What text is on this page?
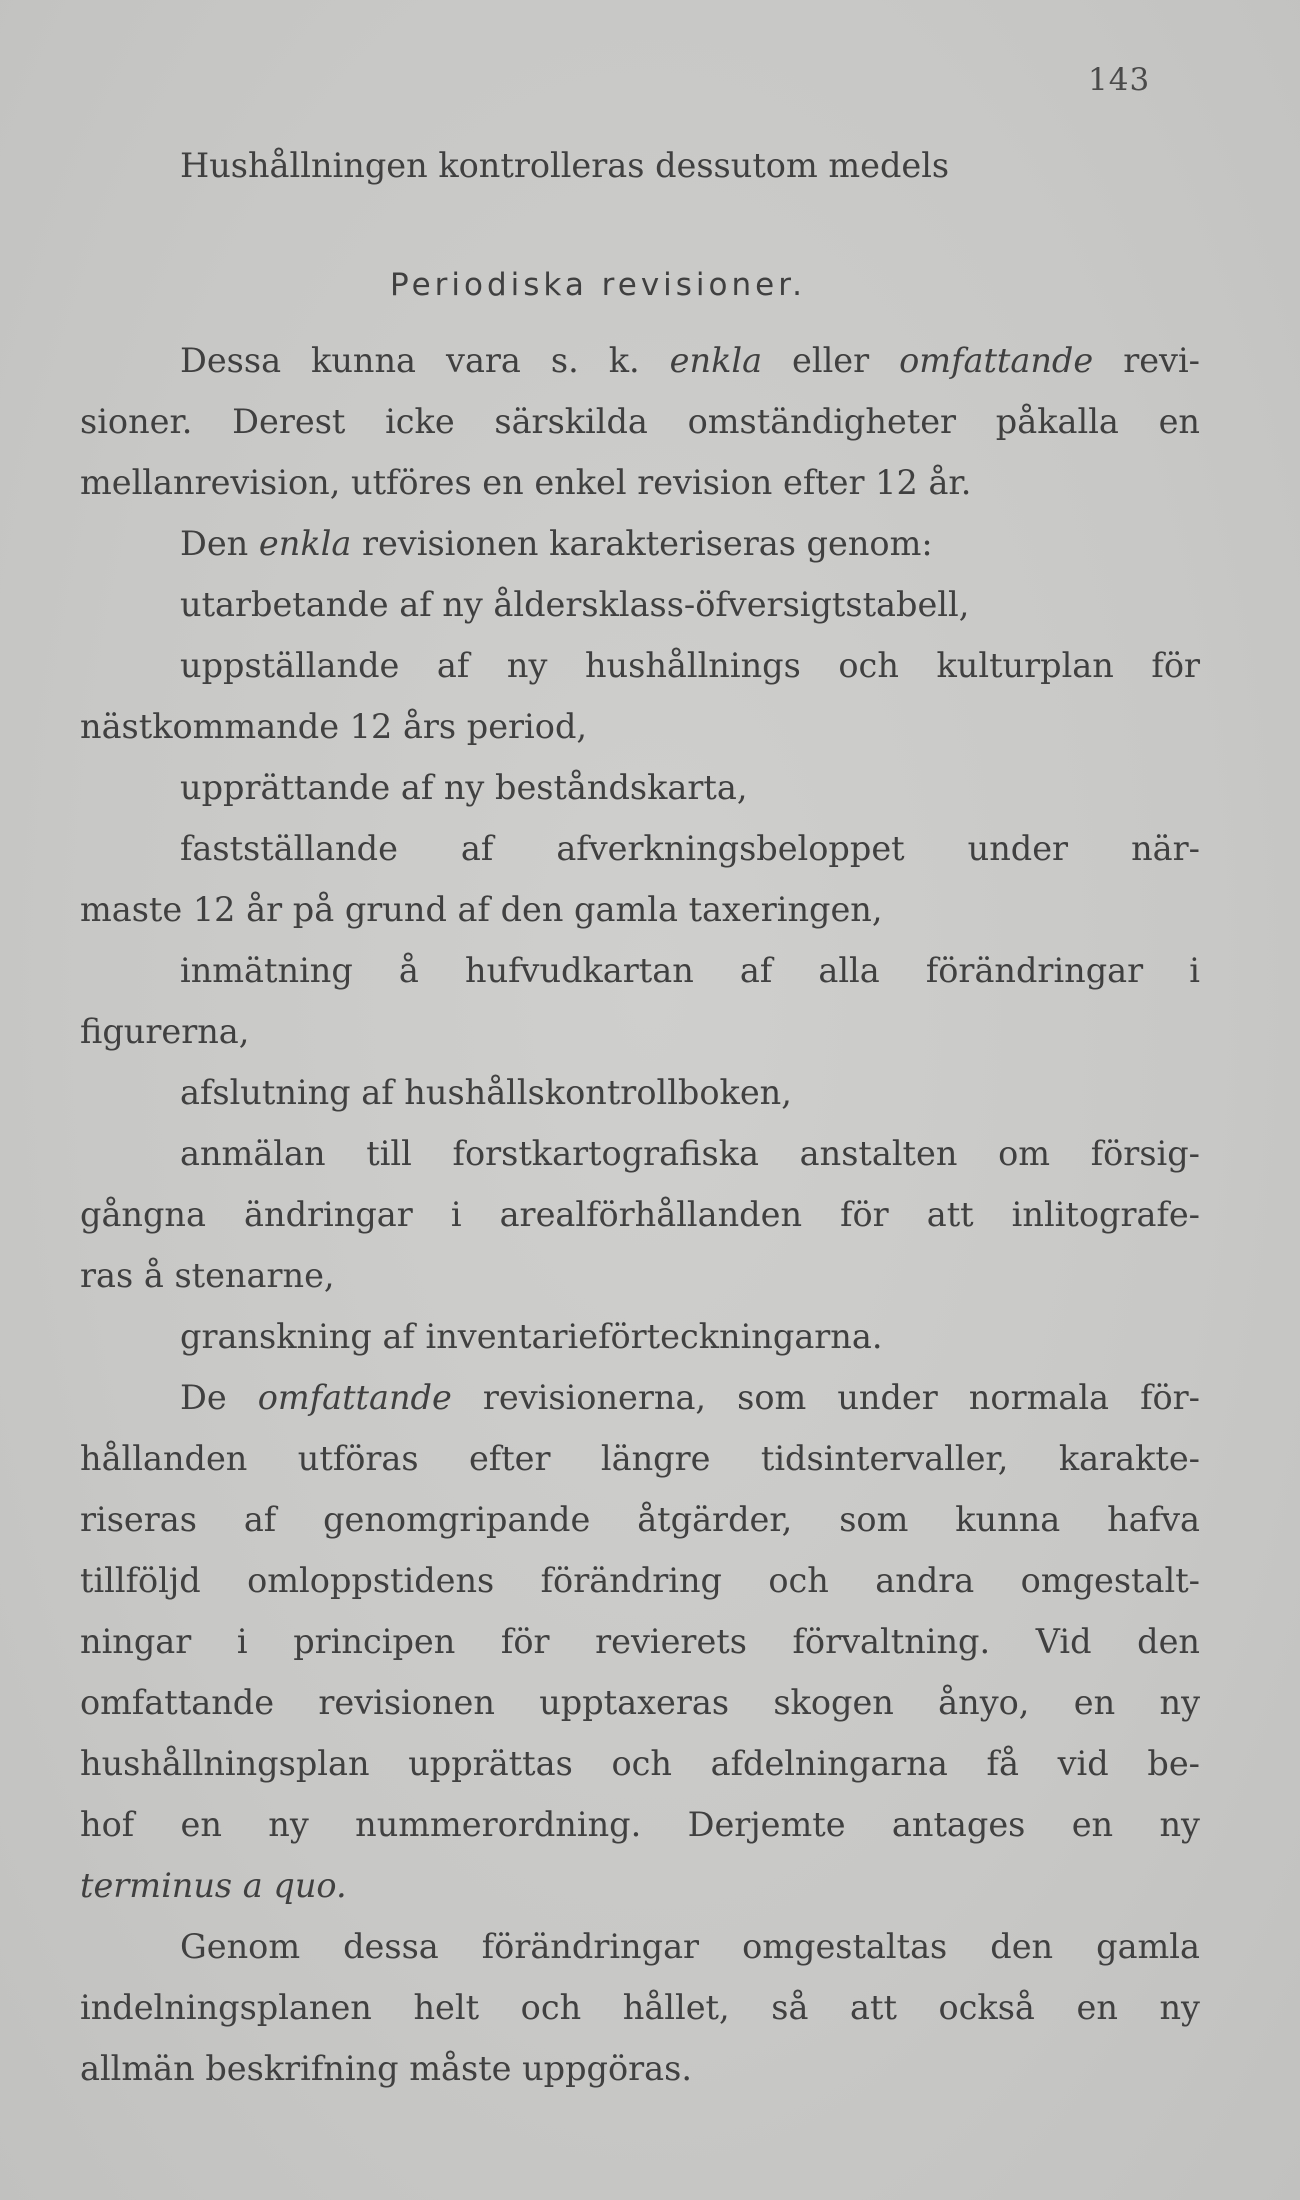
143
Hushållningen kontrolleras dessutom medels
Periodiska revisioner.
Dessa kunna vara s. k. enkla eller omfattande revi-
sioner. Derest icke särskilda omständigheter påkalla en
mellanrevision, utföres en enkel revision efter 12 år.
Den enkla revisionen karakteriseras genom:
utarbetande af ny åldersklass-öfversigtstabell,
uppställande af ny hushållnings och kulturplan för
nästkommande 12 års period,
upprättande af ny beståndskarta,
fastställande af afverkningsbeloppet under när-
maste 12 år på grund af den gamla taxeringen,
inmätning å hufvudkartan af alla förändringar i
figurerna,
afslutning af hushållskontrollboken,
anmälan till forstkartografiska anstalten om försig-
gångna ändringar i arealförhållanden för att inlitografe-
ras å stenarne,
granskning af inventarieförteckningarna.
De omfattande revisionerna, som under normala för-
hållanden utföras efter längre tidsintervaller, karakte-
riseras af genomgripande åtgärder, som kunna hafva
tillföljd omloppstidens förändring och andra omgestalt-
ningar i principen för revierets förvaltning. Vid den
omfattande revisionen upptaxeras skogen ånyo, en ny
hushållningsplan upprättas och afdelningarna få vid be-
hof en ny nummerordning. Derjemte antages en ny
terminus a quo.
Genom dessa förändringar omgestaltas den gamla
indelningsplanen helt och hållet, så att också en ny
allmän beskrifning måste uppgöras.
